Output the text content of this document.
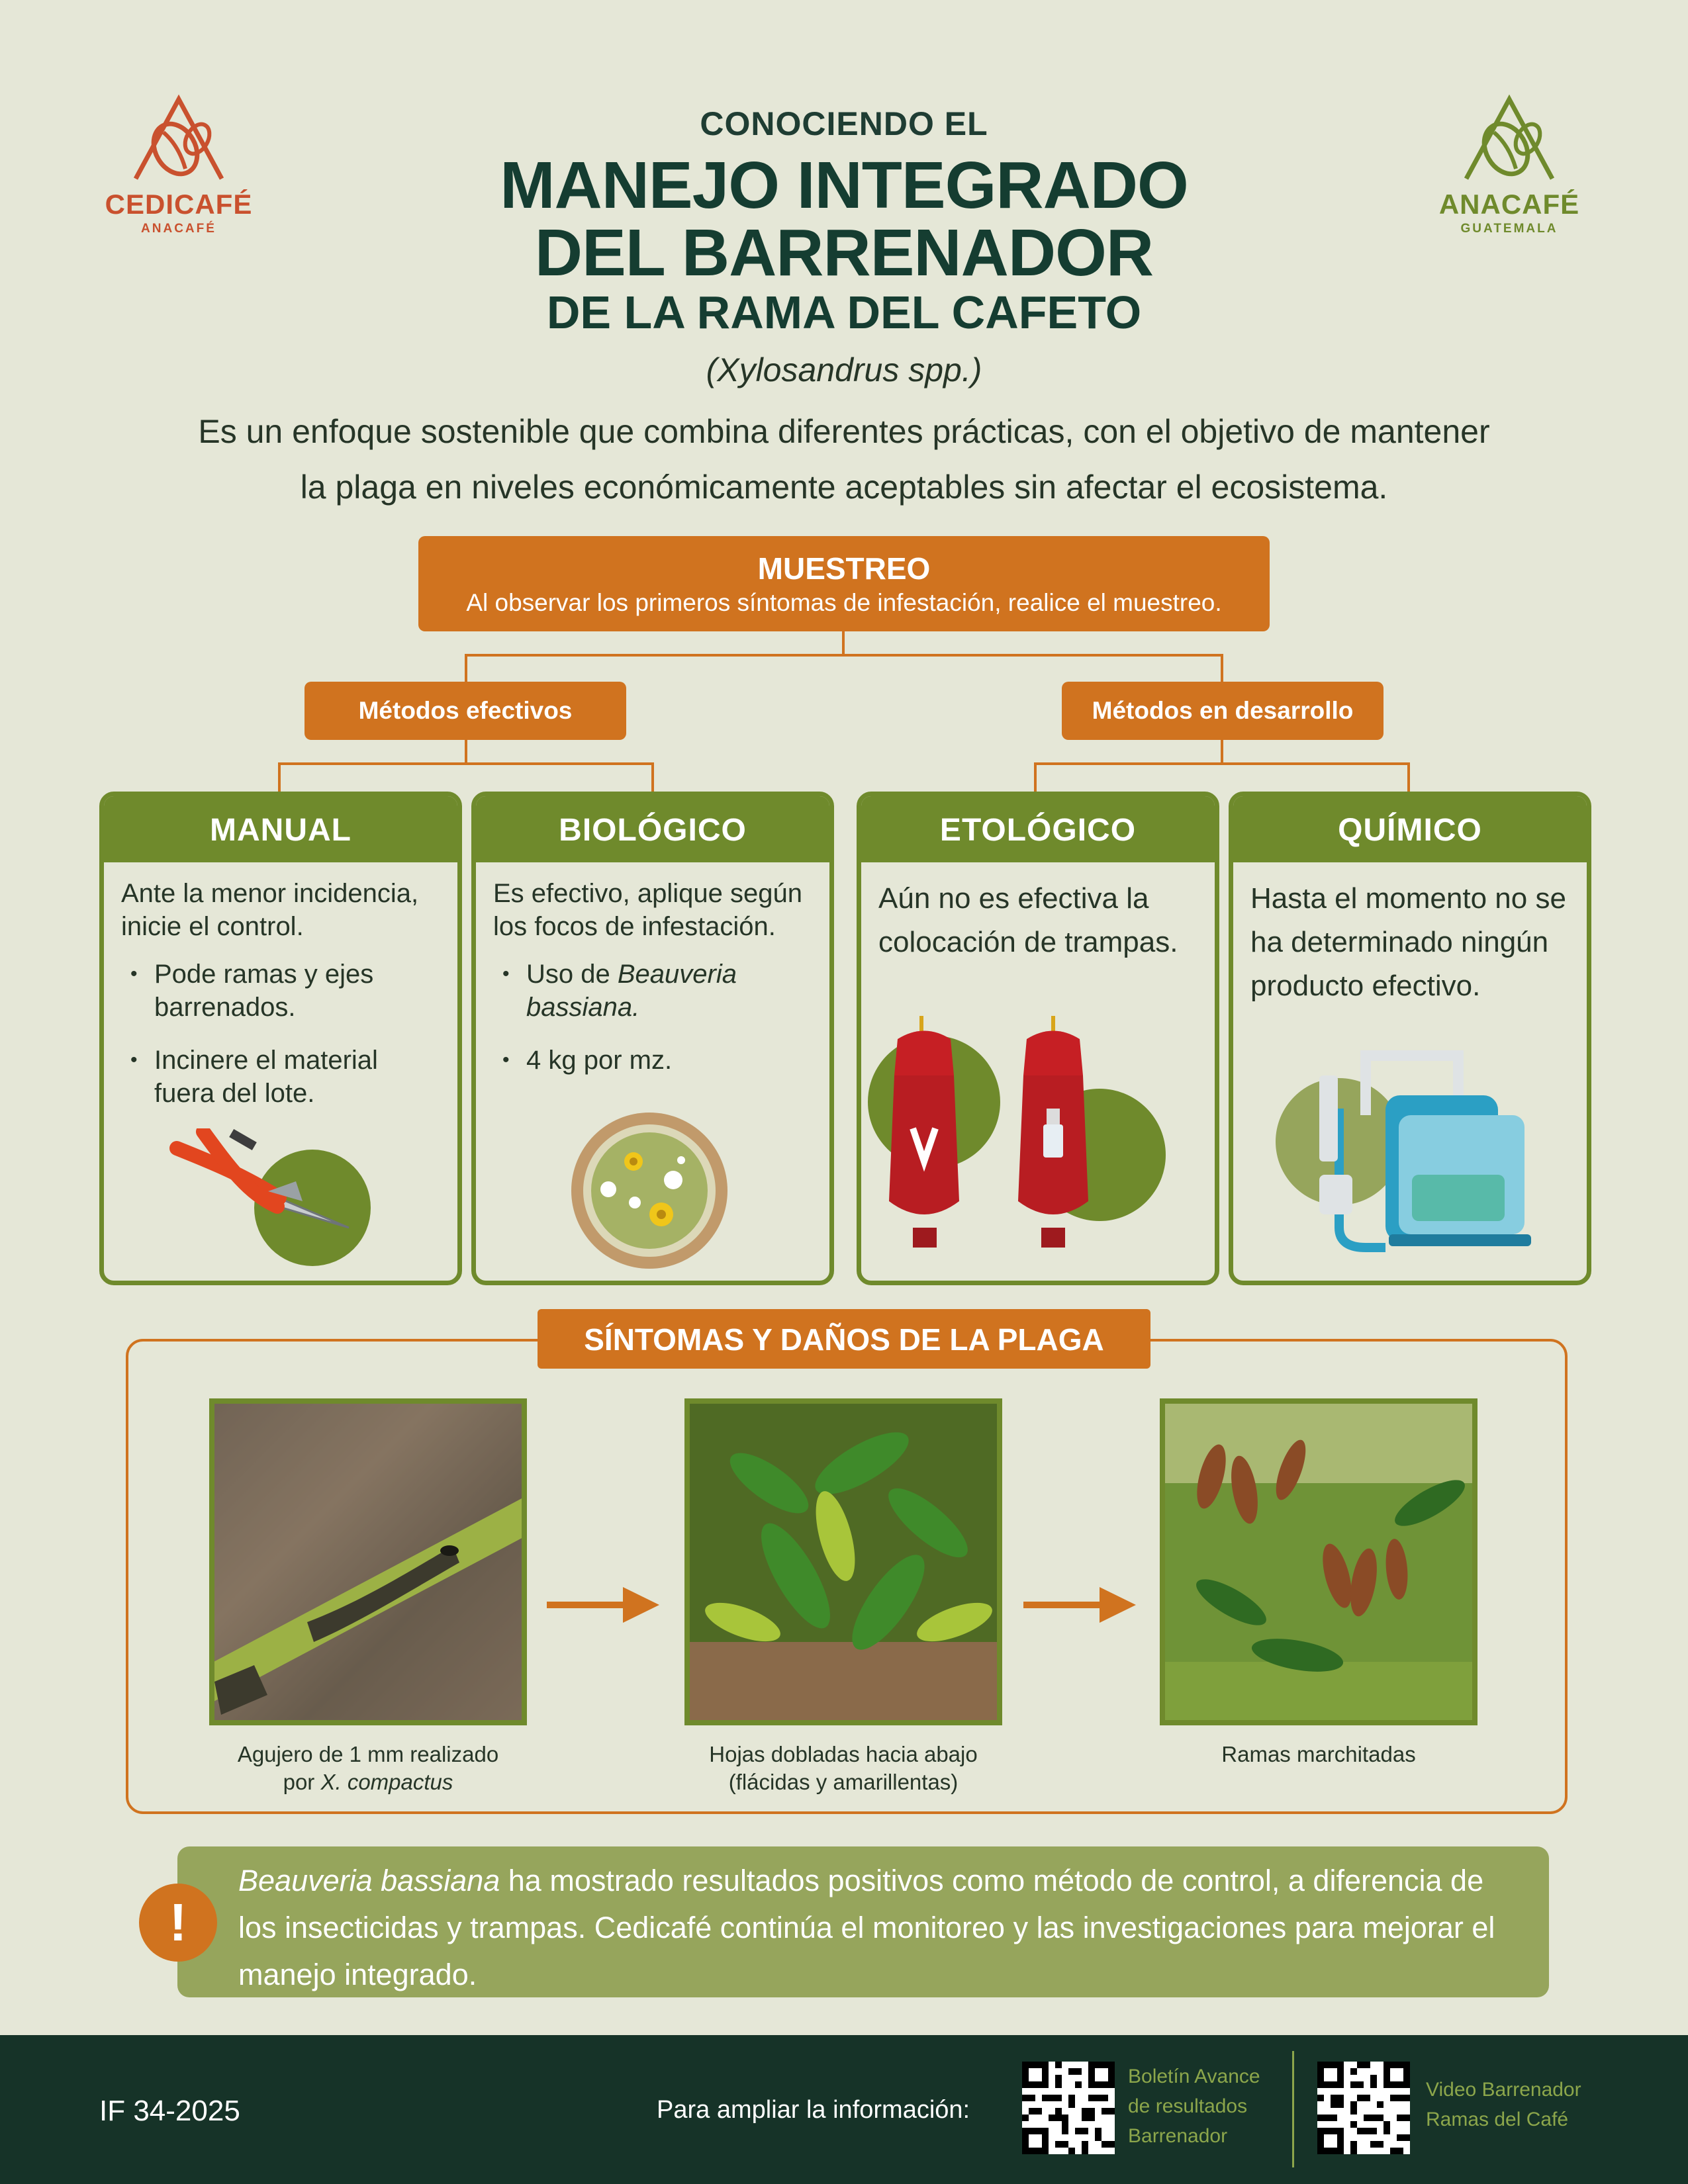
CEDICAFÉ
ANACAFÉ
ANACAFÉ
GUATEMALA
CONOCIENDO EL
MANEJO INTEGRADO
DEL BARRENADOR
DE LA RAMA DEL CAFETO
(Xylosandrus spp.)
Es un enfoque sostenible que combina diferentes prácticas, con el objetivo de mantener
la plaga en niveles económicamente aceptables sin afectar el ecosistema.
MUESTREO
Al observar los primeros síntomas de infestación, realice el muestreo.
Métodos efectivos	Métodos en desarrollo
MANUAL
Ante la menor incidencia, inicie el control.
• Pode ramas y ejes barrenados.
• Incinere el material fuera del lote.
BIOLÓGICO
Es efectivo, aplique según los focos de infestación.
• Uso de Beauveria bassiana.
• 4 kg por mz.
ETOLÓGICO
Aún no es efectiva la colocación de trampas.
QUÍMICO
Hasta el momento no se ha determinado ningún producto efectivo.
SÍNTOMAS Y DAÑOS DE LA PLAGA
Agujero de 1 mm realizado
por X. compactus
Hojas dobladas hacia abajo
(flácidas y amarillentas)
Ramas marchitadas
Beauveria bassiana ha mostrado resultados positivos como método de control, a diferencia de los insecticidas y trampas. Cedicafé continúa el monitoreo y las investigaciones para mejorar el manejo integrado.
!
IF 34-2025	Para ampliar la información:
Boletín Avance
de resultados
Barrenador
Video Barrenador
Ramas del Café
